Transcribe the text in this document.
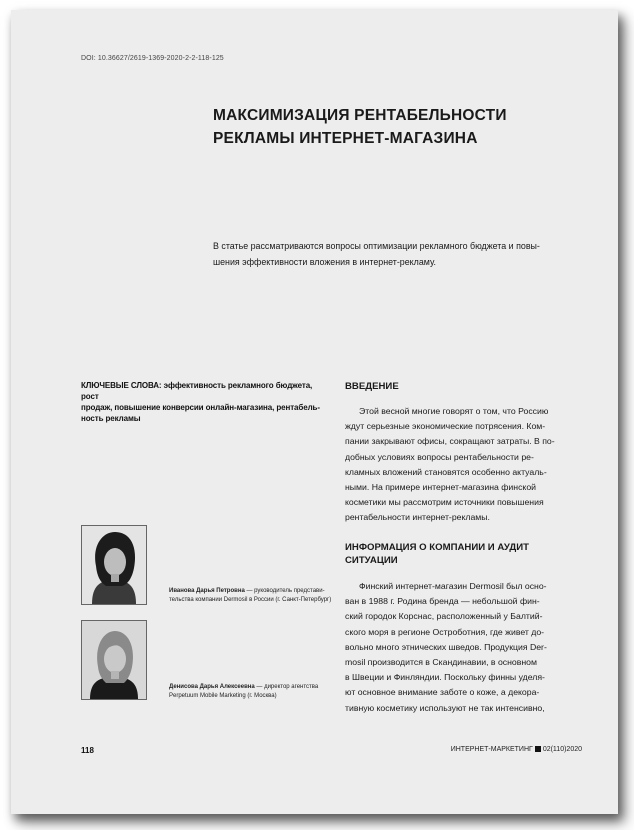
DOI: 10.36627/2619-1369-2020-2-2-118-125
МАКСИМИЗАЦИЯ РЕНТАБЕЛЬНОСТИ
РЕКЛАМЫ ИНТЕРНЕТ-МАГАЗИНА

В статье рассматриваются вопросы оптимизации рекламного бюджета и повы-
шения эффективности вложения в интернет-рекламу.

КЛЮЧЕВЫЕ СЛОВА: эффективность рекламного бюджета, рост
продаж, повышение конверсии онлайн-магазина, рентабель-
ность рекламы

ВВЕДЕНИЕ

Этой весной многие говорят о том, что Россию
ждут серьезные экономические потрясения. Ком-
пании закрывают офисы, сокращают затраты. В по-
добных условиях вопросы рентабельности ре-
кламных вложений становятся особенно актуаль-
ными. На примере интернет-магазина финской
косметики мы рассмотрим источники повышения
рентабельности интернет-рекламы.

ИНФОРМАЦИЯ О КОМПАНИИ И АУДИТ
СИТУАЦИИ

Финский интернет-магазин Dermosil был осно-
ван в 1988 г. Родина бренда — небольшой фин-
ский городок Корснас, расположенный у Балтий-
ского моря в регионе Остроботния, где живет до-
вольно много этнических шведов. Продукция Der-
mosil производится в Скандинавии, в основном
в Швеции и Финляндии. Поскольку финны уделя-
ют основное внимание заботе о коже, а декора-
тивную косметику используют не так интенсивно,

Иванова Дарья Петровна — руководитель представи-
тельства компании Dermosil в России (г. Санкт-Петербург)

Денисова Дарья Алексеевна — директор агентства
Perpetuum Mobile Marketing (г. Москва)

118	ИНТЕРНЕТ-МАРКЕТИНГ 02(110)2020
